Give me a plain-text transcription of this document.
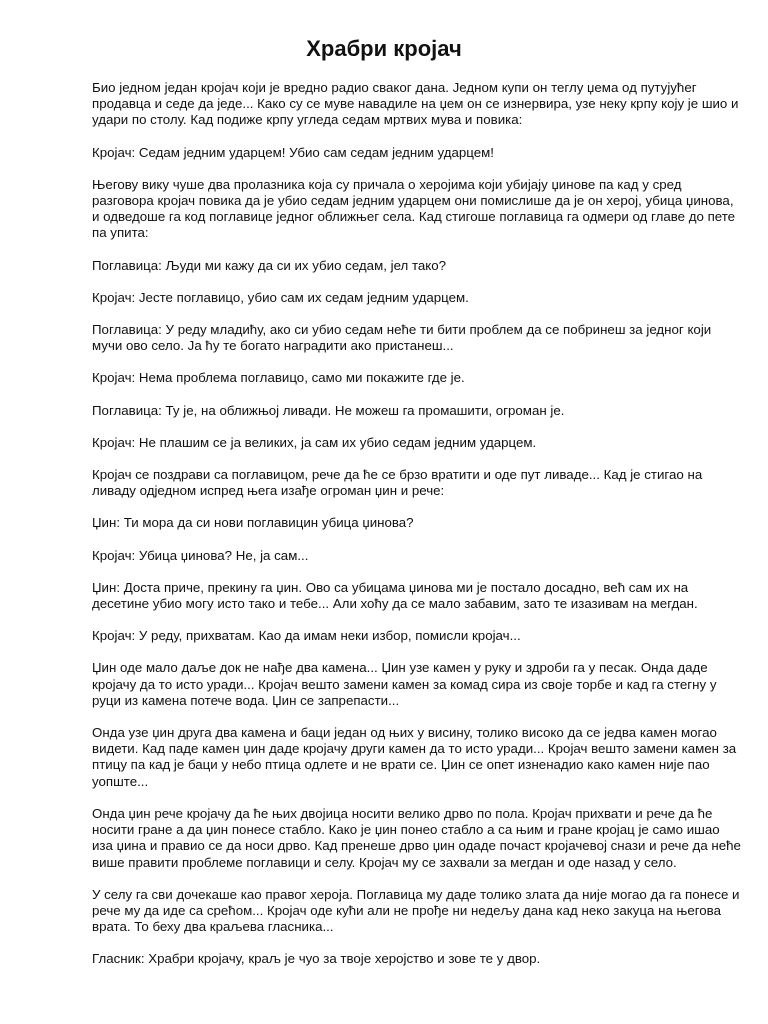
Храбри кројач

Био једном један кројач који је вредно радио сваког дана. Једном купи он теглу џема од путујућег продавца и седе да једе... Како су се муве навадиле на џем он се изнервира, узе неку крпу коју је шио и удари по столу. Кад подиже крпу угледа седам мртвих мува и повика:

Кројач: Седам једним ударцем! Убио сам седам једним ударцем!

Његову вику чуше два пролазника која су причала о херојима који убијају џинове па кад у сред разговора кројач повика да је убио седам једним ударцем они помислише да је он херој, убица џинова, и одведоше га код поглавице једног оближњег села. Кад стигоше поглавица га одмери од главе до пете па упита:

Поглавица: Људи ми кажу да си их убио седам, јел тако?

Кројач: Јесте поглавицо, убио сам их седам једним ударцем.

Поглавица: У реду младићу, ако си убио седам неће ти бити проблем да се побринеш за једног који мучи ово село. Ја ћу те богато наградити ако пристанеш...

Кројач: Нема проблема поглавицо, само ми покажите где је.

Поглавица: Ту је, на оближњој ливади. Не можеш га промашити, огроман је.

Кројач: Не плашим се ја великих, ја сам их убио седам једним ударцем.

Кројач се поздрави са поглавицом, рече да ће се брзо вратити и оде пут ливаде... Кад је стигао на ливаду одједном испред њега изађе огроман џин и рече:

Џин: Ти мора да си нови поглавицин убица џинова?

Кројач: Убица џинова? Не, ја сам...

Џин: Доста приче, прекину га џин. Ово са убицама џинова ми је постало досадно, већ сам их на десетине убио могу исто тако и тебе... Али хоћу да се мало забавим, зато те изазивам на мегдан.

Кројач: У реду, прихватам. Као да имам неки избор, помисли кројач...

Џин оде мало даље док не нађе два камена... Џин узе камен у руку и здроби га у песак. Онда даде кројачу да то исто уради... Кројач вешто замени камен за комад сира из своје торбе и кад га стегну у руци из камена потече вода. Џин се запрепасти...

Онда узе џин друга два камена и баци један од њих у висину, толико високо да се једва камен могао видети. Кад паде камен џин даде кројачу други камен да то исто уради... Кројач вешто замени камен за птицу па кад је баци у небо птица одлете и не врати се. Џин се опет изненадио како камен није пао уопште...

Онда џин рече кројачу да ће њих двојица носити велико дрво по пола. Кројач прихвати и рече да ће носити гране а да џин понесе стабло. Како је џин понео стабло а са њим и гране кројац је само ишао иза џина и правио се да носи дрво. Кад пренеше дрво џин одаде почаст кројачевој снази и рече да неће више правити проблеме поглавици и селу. Кројач му се захвали за мегдан и оде назад у село.

У селу га сви дочекаше као правог хероја. Поглавица му даде толико злата да није могао да га понесе и рече му да иде са срећом... Кројач оде кући али не прође ни недељу дана кад неко закуца на његова врата. То беху два краљева гласника...

Гласник: Храбри кројачу, краљ је чуо за твоје херојство и зове те у двор.
